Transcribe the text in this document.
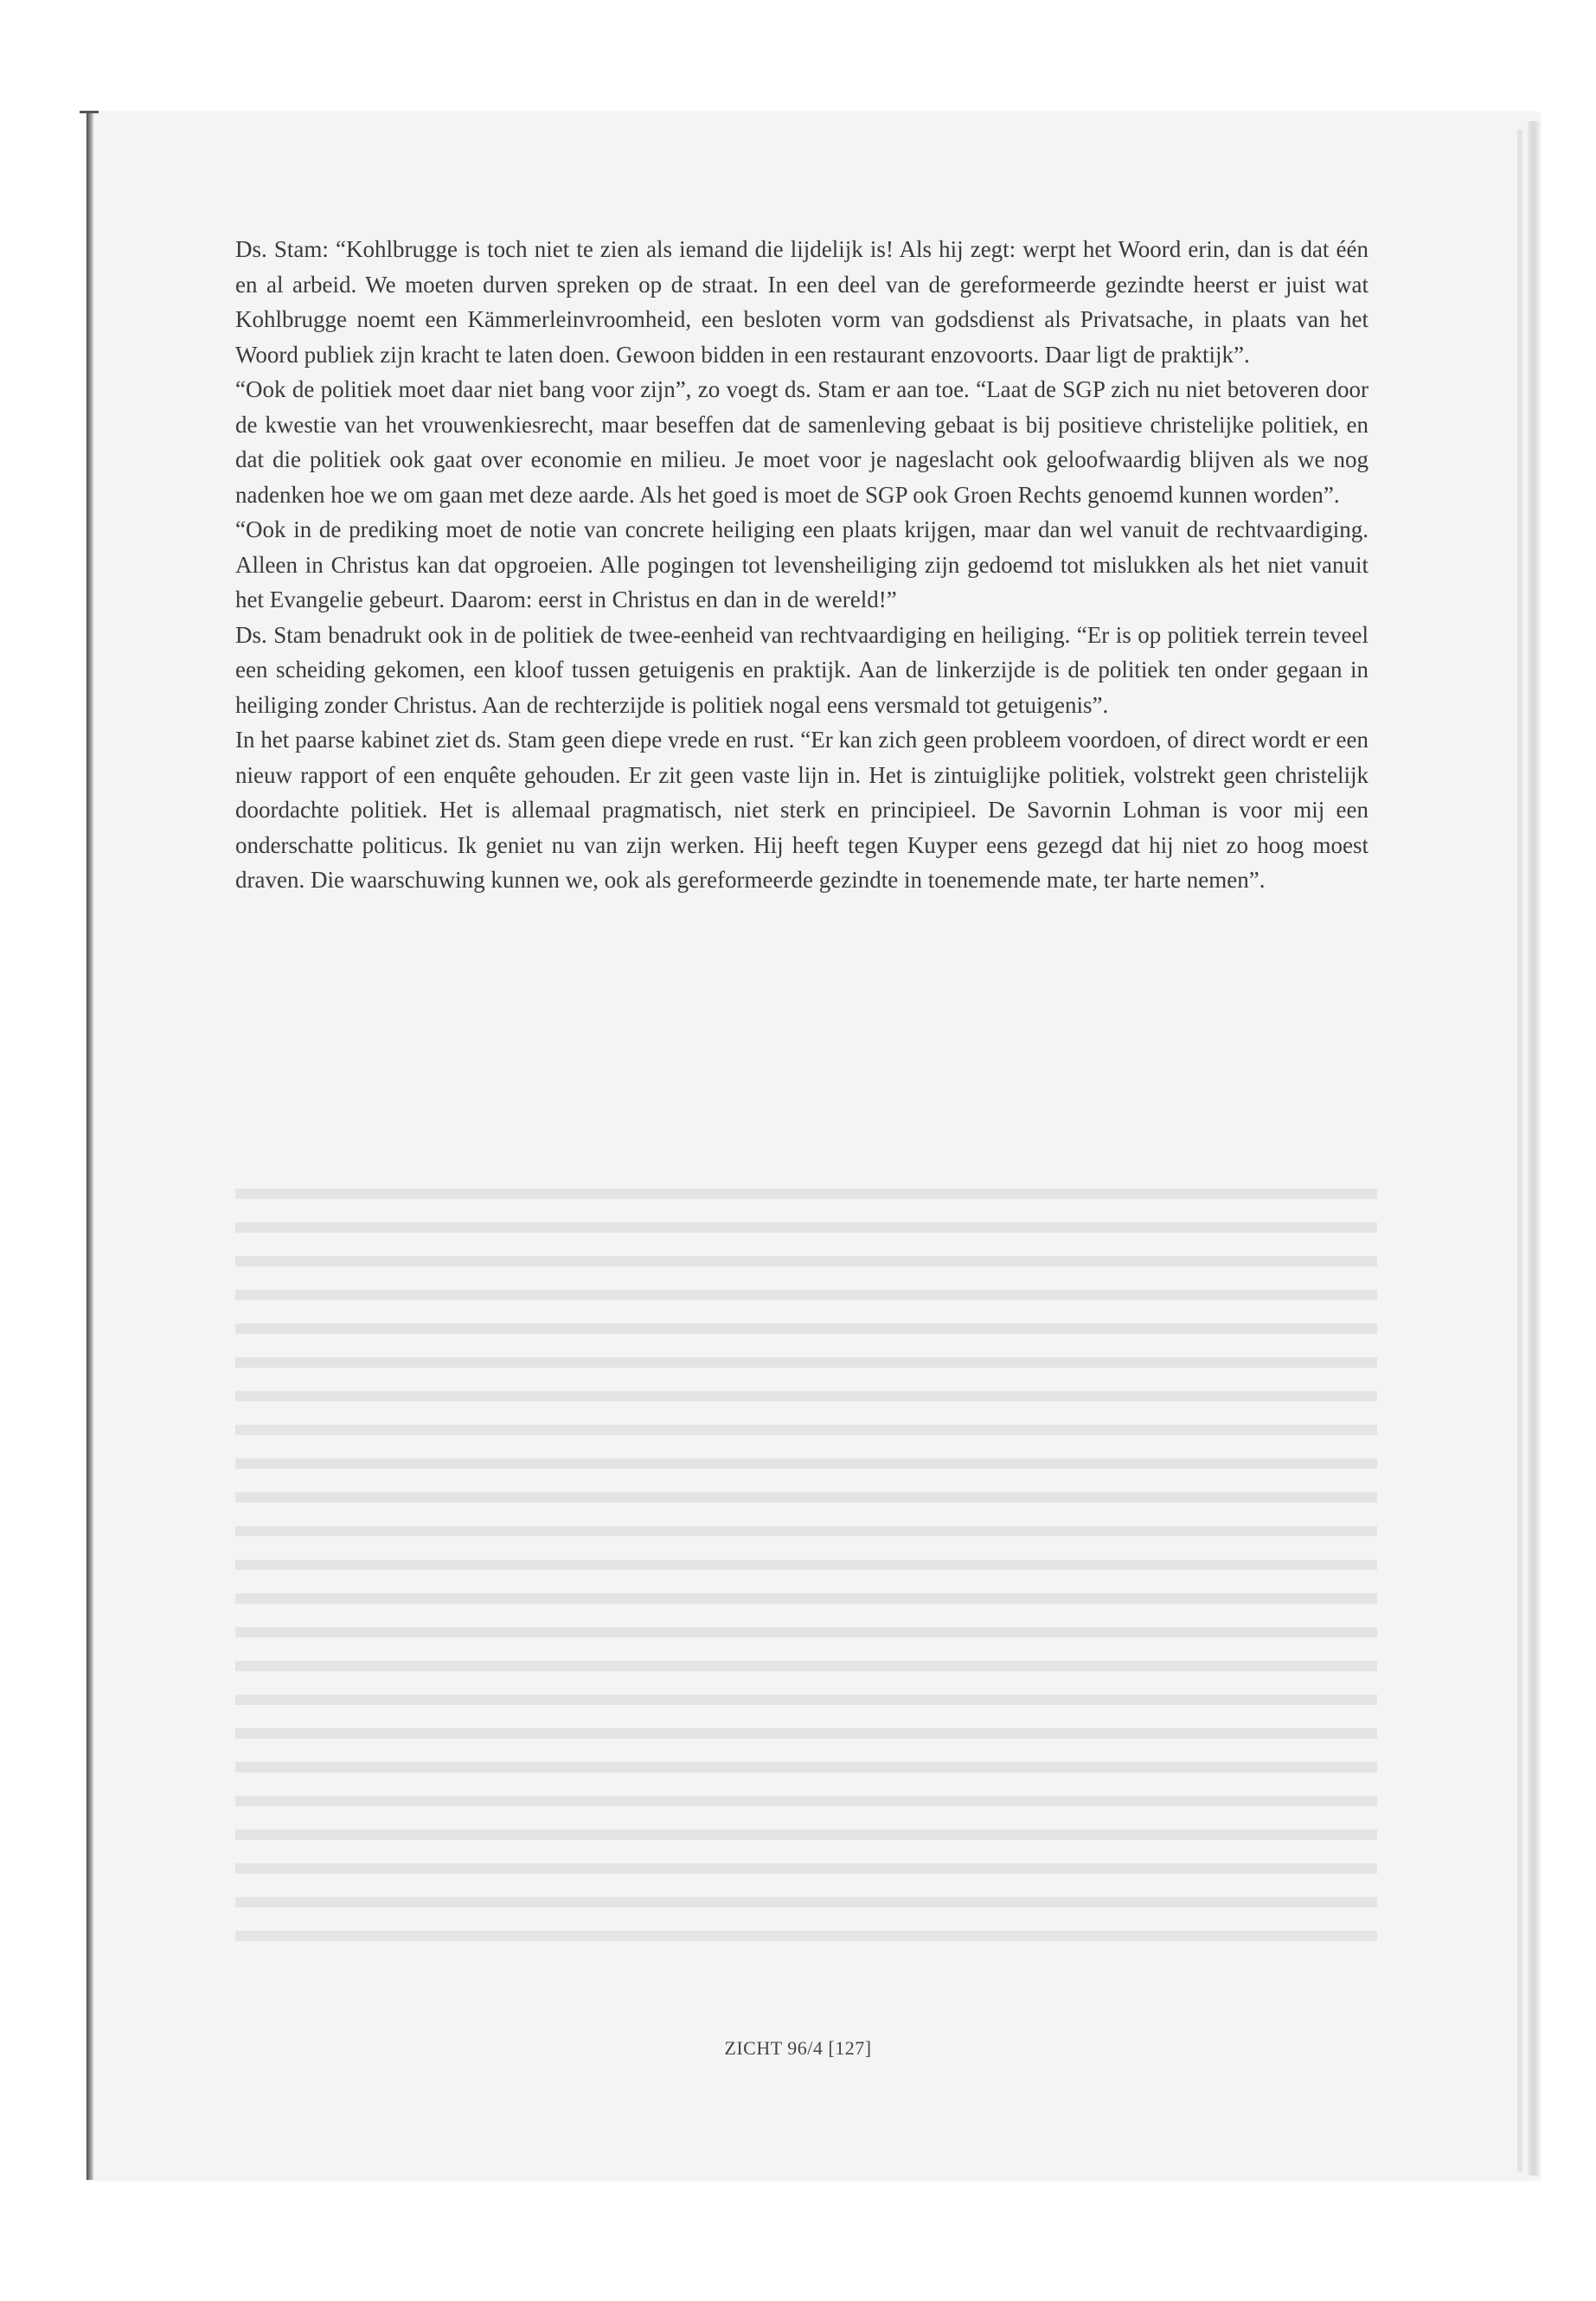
Ds. Stam: “Kohlbrugge is toch niet te zien als iemand die lijdelijk is! Als hij zegt: werpt het Woord erin, dan is dat één en al arbeid. We moeten durven spreken op de straat. In een deel van de gereformeerde gezindte heerst er juist wat Kohlbrugge noemt een Kämmerleinvroomheid, een besloten vorm van godsdienst als Privatsache, in plaats van het Woord publiek zijn kracht te laten doen. Gewoon bidden in een restaurant enzovoorts. Daar ligt de praktijk”.

“Ook de politiek moet daar niet bang voor zijn”, zo voegt ds. Stam er aan toe. “Laat de SGP zich nu niet betoveren door de kwestie van het vrouwenkiesrecht, maar beseffen dat de samenleving gebaat is bij positieve christelijke politiek, en dat die politiek ook gaat over economie en milieu. Je moet voor je nageslacht ook geloofwaardig blijven als we nog nadenken hoe we om gaan met deze aarde. Als het goed is moet de SGP ook Groen Rechts genoemd kunnen worden”.

“Ook in de prediking moet de notie van concrete heiliging een plaats krijgen, maar dan wel vanuit de rechtvaardiging. Alleen in Christus kan dat opgroeien. Alle pogingen tot levensheiliging zijn gedoemd tot mislukken als het niet vanuit het Evangelie gebeurt. Daarom: eerst in Christus en dan in de wereld!”

Ds. Stam benadrukt ook in de politiek de twee-eenheid van rechtvaardiging en heiliging. “Er is op politiek terrein teveel een scheiding gekomen, een kloof tussen getuigenis en praktijk. Aan de linkerzijde is de politiek ten onder gegaan in heiliging zonder Christus. Aan de rechterzijde is politiek nogal eens versmald tot getuigenis”.

In het paarse kabinet ziet ds. Stam geen diepe vrede en rust. “Er kan zich geen probleem voordoen, of direct wordt er een nieuw rapport of een enquête gehouden. Er zit geen vaste lijn in. Het is zintuiglijke politiek, volstrekt geen christelijk doordachte politiek. Het is allemaal pragmatisch, niet sterk en principieel. De Savornin Lohman is voor mij een onderschatte politicus. Ik geniet nu van zijn werken. Hij heeft tegen Kuyper eens gezegd dat hij niet zo hoog moest draven. Die waarschuwing kunnen we, ook als gereformeerde gezindte in toenemende mate, ter harte nemen”.

ZICHT 96/4 [127]
